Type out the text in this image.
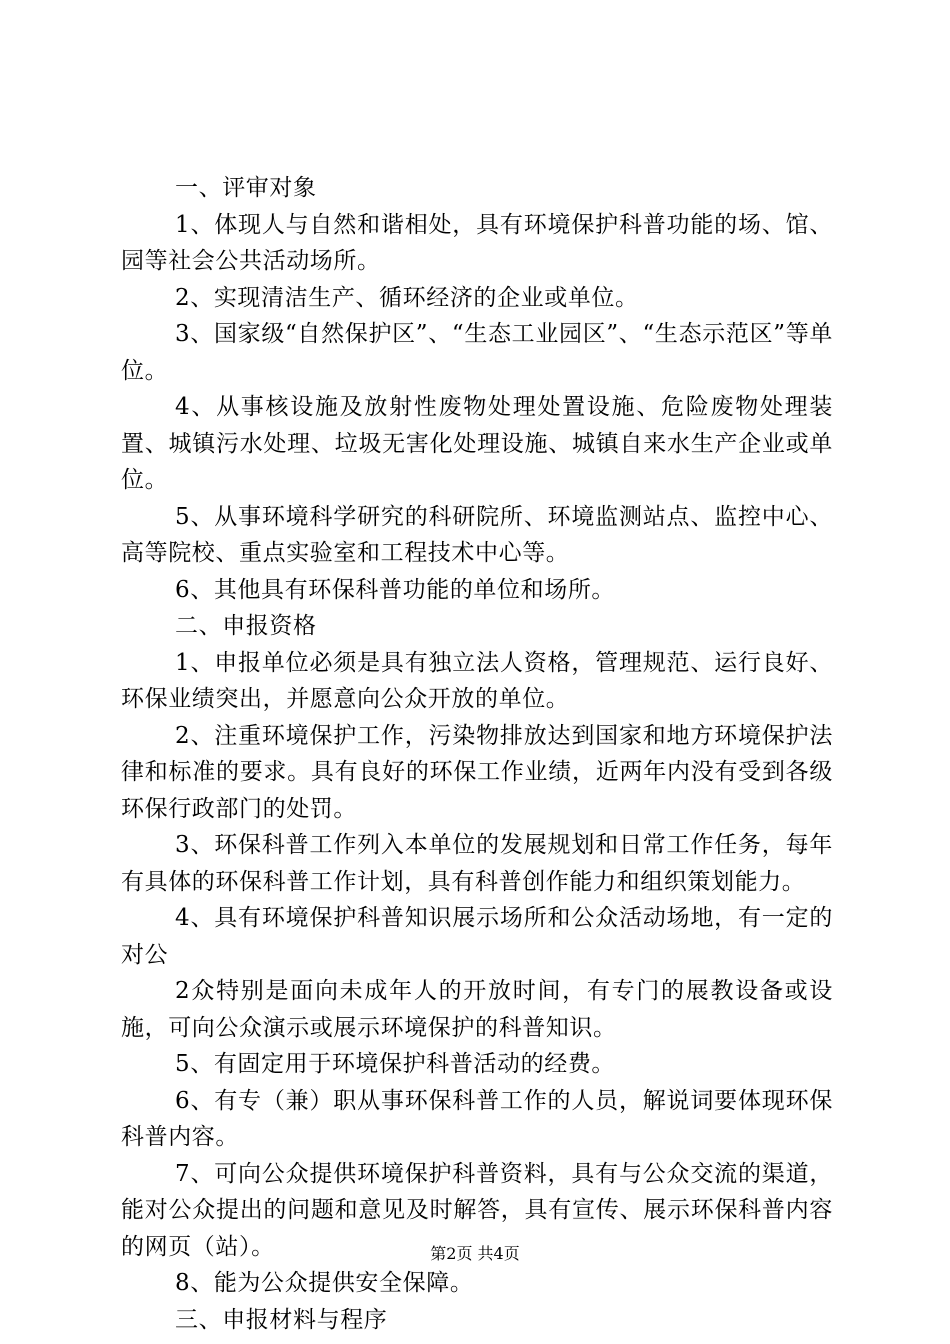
一、评审对象

1、体现人与自然和谐相处，具有环境保护科普功能的场、馆、园等社会公共活动场所。

2、实现清洁生产、循环经济的企业或单位。

3、国家级“自然保护区”、“生态工业园区”、“生态示范区”等单位。

4、从事核设施及放射性废物处理处置设施、危险废物处理装置、城镇污水处理、垃圾无害化处理设施、城镇自来水生产企业或单位。

5、从事环境科学研究的科研院所、环境监测站点、监控中心、高等院校、重点实验室和工程技术中心等。

6、其他具有环保科普功能的单位和场所。

二、申报资格

1、申报单位必须是具有独立法人资格，管理规范、运行良好、环保业绩突出，并愿意向公众开放的单位。

2、注重环境保护工作，污染物排放达到国家和地方环境保护法律和标准的要求。具有良好的环保工作业绩，近两年内没有受到各级环保行政部门的处罚。

3、环保科普工作列入本单位的发展规划和日常工作任务，每年有具体的环保科普工作计划，具有科普创作能力和组织策划能力。

4、具有环境保护科普知识展示场所和公众活动场地，有一定的对公

2众特别是面向未成年人的开放时间，有专门的展教设备或设施，可向公众演示或展示环境保护的科普知识。

5、有固定用于环境保护科普活动的经费。

6、有专（兼）职从事环保科普工作的人员，解说词要体现环保科普内容。

7、可向公众提供环境保护科普资料，具有与公众交流的渠道，能对公众提出的问题和意见及时解答，具有宣传、展示环保科普内容的网页（站）。

8、能为公众提供安全保障。

三、申报材料与程序

第2页 共4页
